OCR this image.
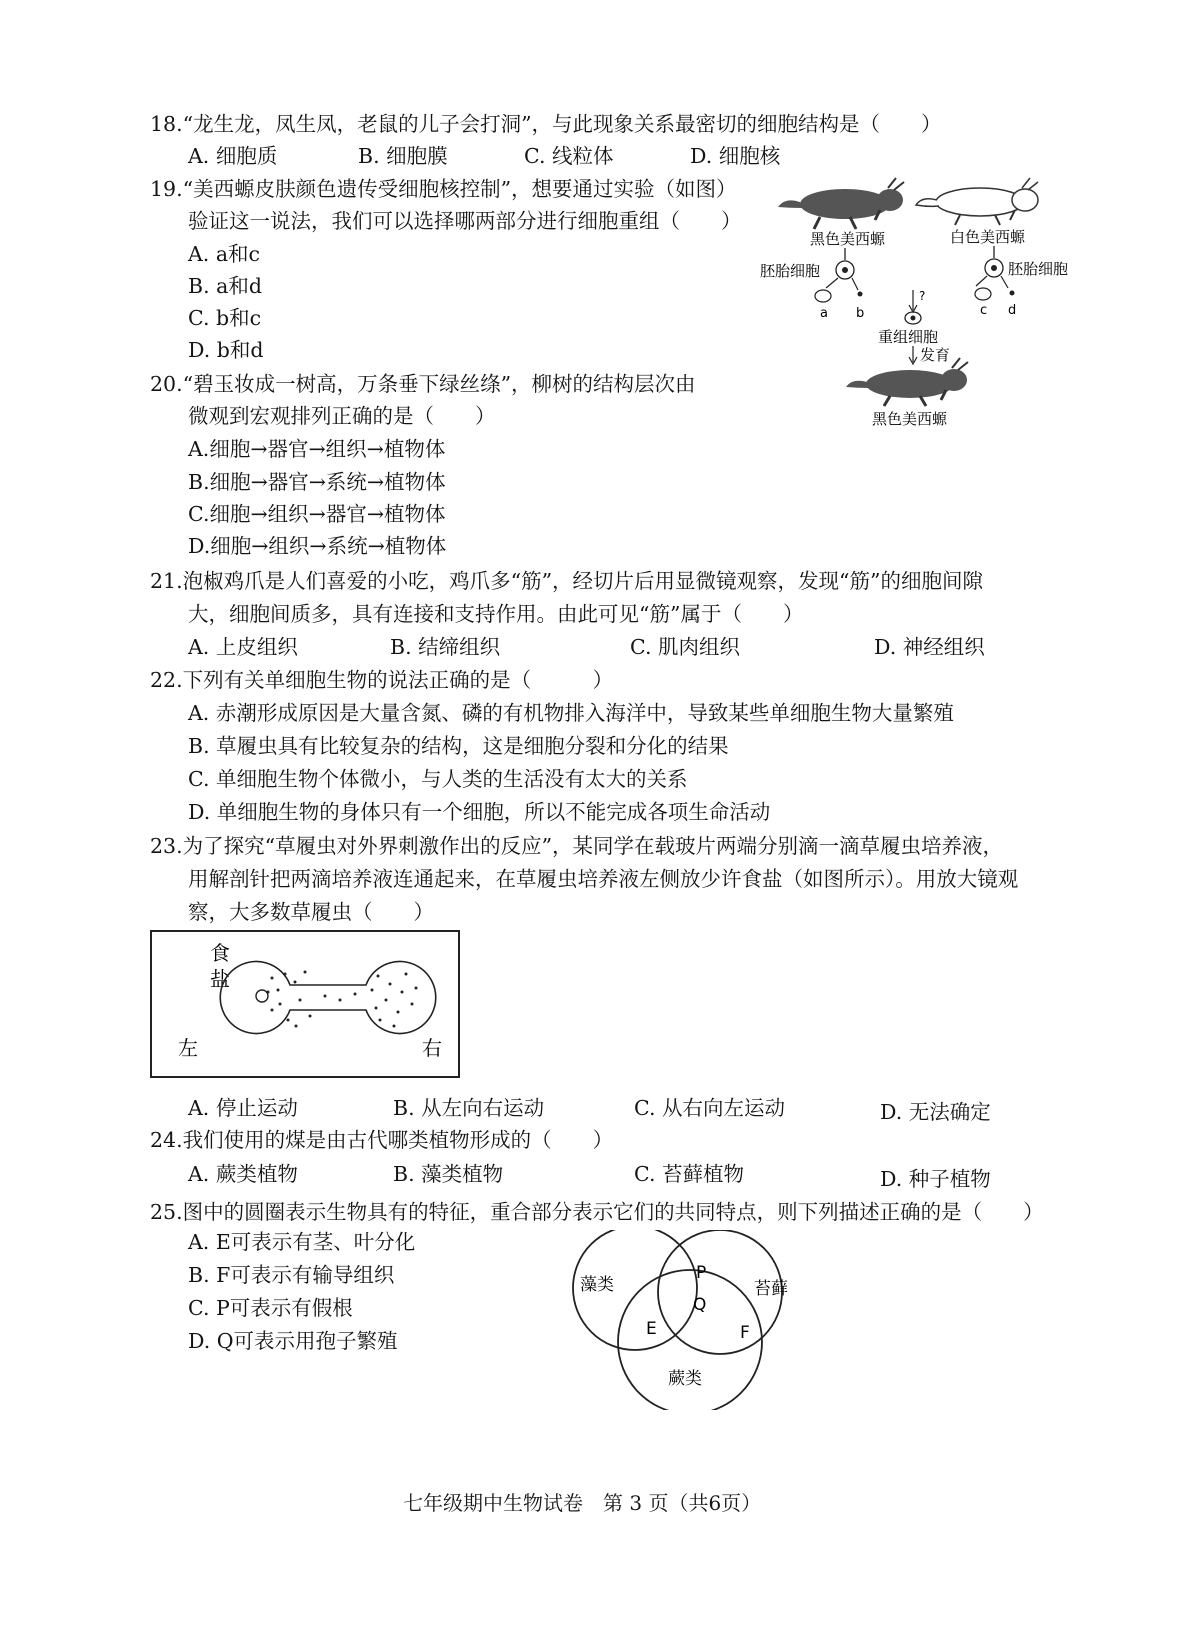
18.“龙生龙，凤生凤，老鼠的儿子会打洞”，与此现象关系最密切的细胞结构是（　　）
A. 细胞质	B. 细胞膜	C. 线粒体	D. 细胞核
19.“美西螈皮肤颜色遗传受细胞核控制”，想要通过实验（如图）
验证这一说法，我们可以选择哪两部分进行细胞重组（　　）
A. a和c
B. a和d
C. b和c
D. b和d
黑色美西螈	白色美西螈
胚胎细胞
a b
胚胎细胞
c d
?
重组细胞
发育
黑色美西螈
20.“碧玉妆成一树高，万条垂下绿丝绦”，柳树的结构层次由
微观到宏观排列正确的是（　　）
A.细胞→器官→组织→植物体
B.细胞→器官→系统→植物体
C.细胞→组织→器官→植物体
D.细胞→组织→系统→植物体
21.泡椒鸡爪是人们喜爱的小吃，鸡爪多“筋”，经切片后用显微镜观察，发现“筋”的细胞间隙
大，细胞间质多，具有连接和支持作用。由此可见“筋”属于（　　）
A. 上皮组织	B. 结缔组织	C. 肌肉组织	D. 神经组织
22.下列有关单细胞生物的说法正确的是（　　　）
A. 赤潮形成原因是大量含氮、磷的有机物排入海洋中，导致某些单细胞生物大量繁殖
B. 草履虫具有比较复杂的结构，这是细胞分裂和分化的结果
C. 单细胞生物个体微小，与人类的生活没有太大的关系
D. 单细胞生物的身体只有一个细胞，所以不能完成各项生命活动
23.为了探究“草履虫对外界刺激作出的反应”，某同学在载玻片两端分别滴一滴草履虫培养液，
用解剖针把两滴培养液连通起来，在草履虫培养液左侧放少许食盐（如图所示）。用放大镜观
察，大多数草履虫（　　）
食
盐
左	右
A. 停止运动	B. 从左向右运动	C. 从右向左运动	D. 无法确定
24.我们使用的煤是由古代哪类植物形成的（　　）
A. 蕨类植物	B. 藻类植物	C. 苔藓植物	D. 种子植物
25.图中的圆圈表示生物具有的特征，重合部分表示它们的共同特点，则下列描述正确的是（　　）
A. E可表示有茎、叶分化
B. F可表示有输导组织
C. P可表示有假根
D. Q可表示用孢子繁殖
藻类	苔藓
蕨类
P
Q
E	F
七年级期中生物试卷　第 3 页（共6页）
